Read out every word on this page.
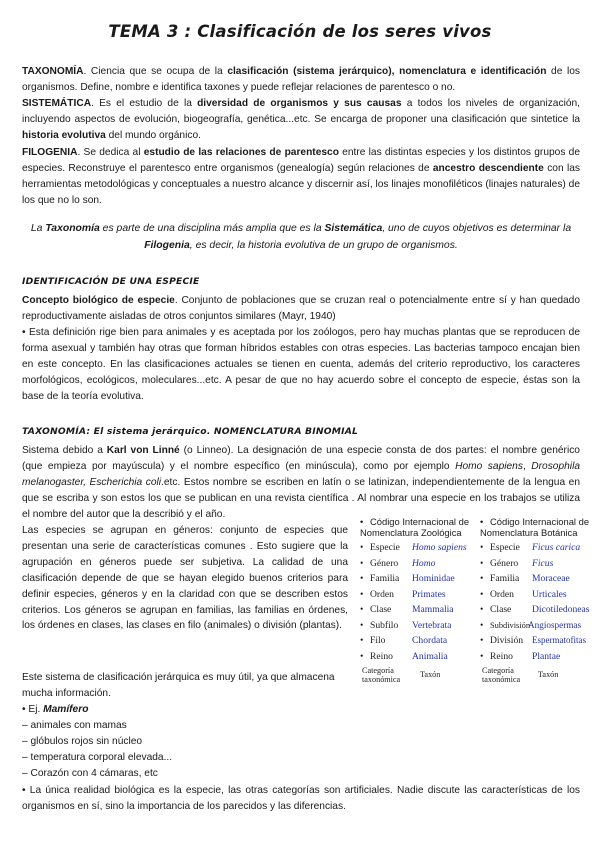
TEMA 3 : Clasificación de los seres vivos

TAXONOMÍA. Ciencia que se ocupa de la clasificación (sistema jerárquico), nomenclatura e identificación de los organismos. Define, nombre e identifica taxones y puede reflejar relaciones de parentesco o no.

SISTEMÁTICA. Es el estudio de la diversidad de organismos y sus causas a todos los niveles de organización, incluyendo aspectos de evolución, biogeografía, genética...etc. Se encarga de proponer una clasificación que sintetice la historia evolutiva del mundo orgánico.

FILOGENIA. Se dedica al estudio de las relaciones de parentesco entre las distintas especies y los distintos grupos de especies. Reconstruye el parentesco entre organismos (genealogía) según relaciones de ancestro descendiente con las herramientas metodológicas y conceptuales a nuestro alcance y discernir así, los linajes monofiléticos (linajes naturales) de los que no lo son.

La Taxonomía es parte de una disciplina más amplia que es la Sistemática, uno de cuyos objetivos es determinar la Filogenia, es decir, la historia evolutiva de un grupo de organismos.

IDENTIFICACIÓN DE UNA ESPECIE

Concepto biológico de especie. Conjunto de poblaciones que se cruzan real o potencialmente entre sí y han quedado reproductivamente aisladas de otros conjuntos similares (Mayr, 1940)

• Esta definición rige bien para animales y es aceptada por los zoólogos, pero hay muchas plantas que se reproducen de forma asexual y también hay otras que forman híbridos estables con otras especies. Las bacterias tampoco encajan bien en este concepto. En las clasificaciones actuales se tienen en cuenta, además del criterio reproductivo, los caracteres morfológicos, ecológicos, moleculares...etc. A pesar de que no hay acuerdo sobre el concepto de especie, éstas son la base de la teoría evolutiva.

TAXONOMÍA: El sistema jerárquico. NOMENCLATURA BINOMIAL

Sistema debido a Karl von Linné (o Linneo). La designación de una especie consta de dos partes: el nombre genérico (que empieza por mayúscula) y el nombre específico (en minúscula), como por ejemplo Homo sapiens, Drosophila melanogaster, Escherichia coli.etc. Estos nombre se escriben en latín o se latinizan, independientemente de la lengua en que se escriba y son estos los que se publican en una revista científica . Al nombrar una especie en los trabajos se utiliza el nombre del autor que la describió y el año.

Las especies se agrupan en géneros: conjunto de especies que presentan una serie de características comunes . Esto sugiere que la agrupación en géneros puede ser subjetiva. La calidad de una clasificación depende de que se hayan elegido buenos criterios para definir especies, géneros y en la claridad con que se describen estos criterios. Los géneros se agrupan en familias, las familias en órdenes, los órdenes en clases, las clases en filo (animales) o división (plantas).

• Código Internacional de Nomenclatura Zoológica
• Especie Homo sapiens
• Género Homo
• Familia Hominidae
• Orden Primates
• Clase Mammalia
• Subfilo Vertebrata
• Filo	Chordata
• Reino Animalia
Categoría taxonómica
Taxón
• Código Internacional de Nomenclatura Botánica
• Especie Ficus carica
• Género Ficus
• Familia Moraceae
• Orden Urticales
• Clase Dicotiledoneas
• Subdivisión
Angiospermas
• División Espermatofitas
• Reino Plantae
Categoría taxonómica
Taxón

Este sistema de clasificación jerárquica es muy útil, ya que almacena mucha información.

• Ej. Mamífero
– animales con mamas
– glóbulos rojos sin núcleo
– temperatura corporal elevada...
– Corazón con 4 cámaras, etc

• La única realidad biológica es la especie, las otras categorías son artificiales. Nadie discute las características de los organismos en sí, sino la importancia de los parecidos y las diferencias.
